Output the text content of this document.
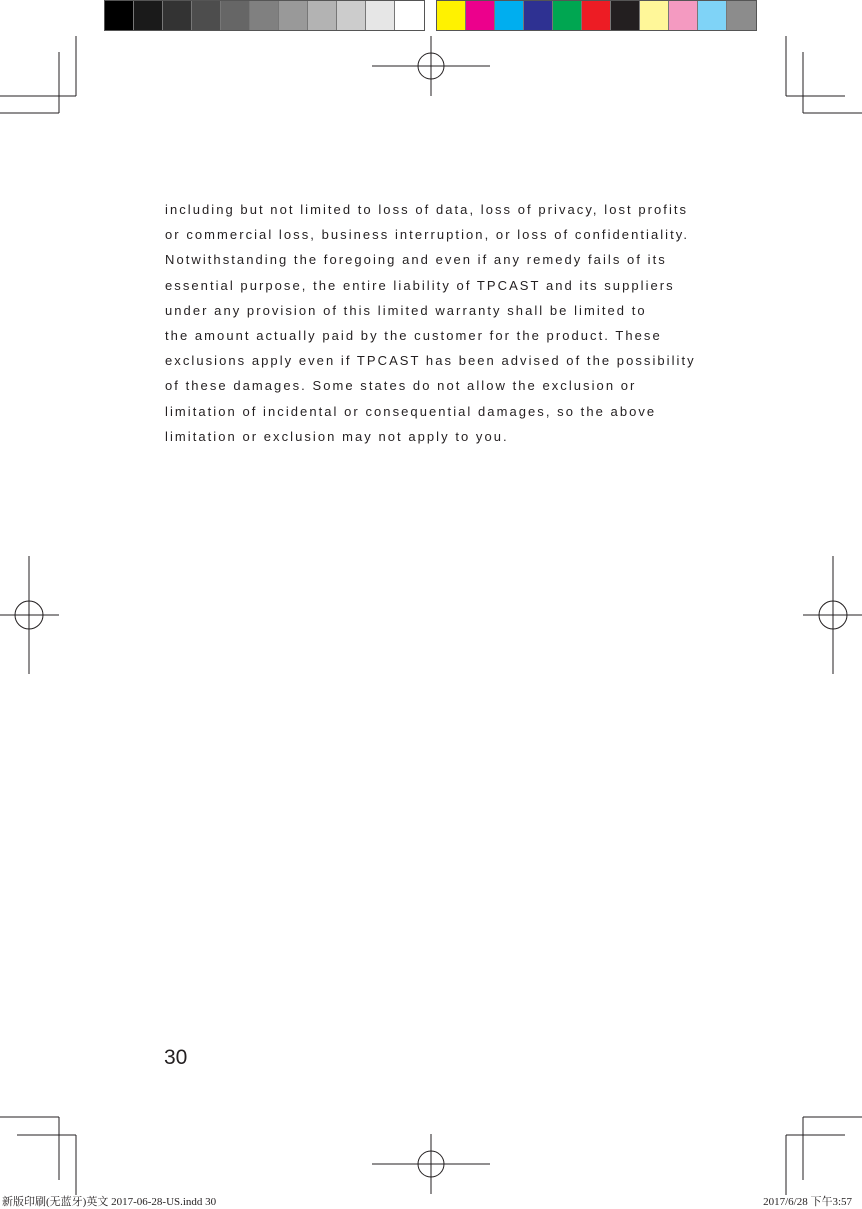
including but not limited to loss of data, loss of privacy, lost profits
or commercial loss, business interruption, or loss of confidentiality.
Notwithstanding the foregoing and even if any remedy fails of its
essential purpose, the entire liability of TPCAST and its suppliers
under any provision of this limited warranty shall be limited to
the amount actually paid by the customer for the product. These
exclusions apply even if TPCAST has been advised of the possibility
of these damages. Some states do not allow the exclusion or
limitation of incidental or consequential damages, so the above
limitation or exclusion may not apply to you.
30
新版印刷(无蓝牙)英文 2017-06-28-US.indd 30	2017/6/28 下午3:57
